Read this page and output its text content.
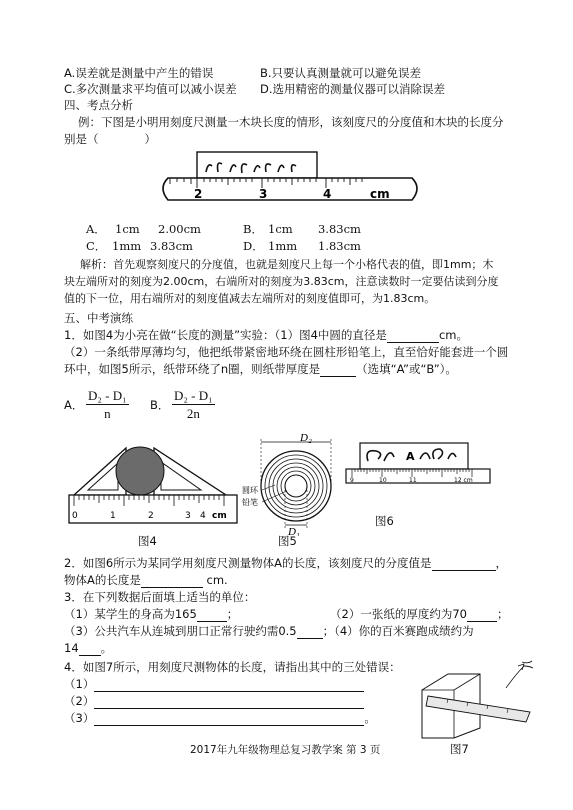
A.误差就是测量中产生的错误	B.只要认真测量就可以避免误差
C.多次测量求平均值可以减小误差 D.选用精密的测量仪器可以消除误差
四、考点分析
例：下图是小明用刻度尺测量一木块长度的情形，该刻度尺的分度值和木块的长度分
别是（　　　　）
2	3	4	cm
A． 1cm 2.00cm	B． 1cm 3.83cm
C． 1mm 3.83cm	D． 1mm 1.83cm
解析：首先观察刻度尺的分度值，也就是刻度尺上每一个小格代表的值，即1mm；木
块左端所对的刻度为2.00cm，右端所对的刻度为3.83cm，注意读数时一定要估读到分度
值的下一位，用右端所对的刻度值减去左端所对的刻度值即可，为1.83cm。
五、中考演练
1．如图4为小亮在做“长度的测量”实验：（1）图4中圆的直径是	cm。
（2）一条纸带厚薄均匀，他把纸带紧密地环绕在圆柱形铅笔上，直至恰好能套进一个圆
环中，如图5所示，纸带环绕了n圈，则纸带厚度是	（选填“A”或“B”）。
A． $\frac{\text{D₂ - D₁}}{n}$ B． $\frac{\text{D₂ - D₁}}{2n}$
0	1	2	3 4 cm
图4
D₂
D₁
圆环
铅笔
图5
A
9	10	11	12 cm
图6
2．如图6所示为某同学用刻度尺测量物体A的长度，该刻度尺的分度值是	，
物体A的长度是	cm.
3．在下列数据后面填上适当的单位：
（1）某学生的身高为165	；	（2）一张纸的厚度约为70	；
（3）公共汽车从连城到朋口正常行驶约需0.5 ；（4）你的百米赛跑成绩约为
14 。
4．如图7所示，用刻度尺测物体的长度，请指出其中的三处错误：
（1）
（2）
（3）	。
图7
2017年九年级物理总复习教学案 第 3 页
